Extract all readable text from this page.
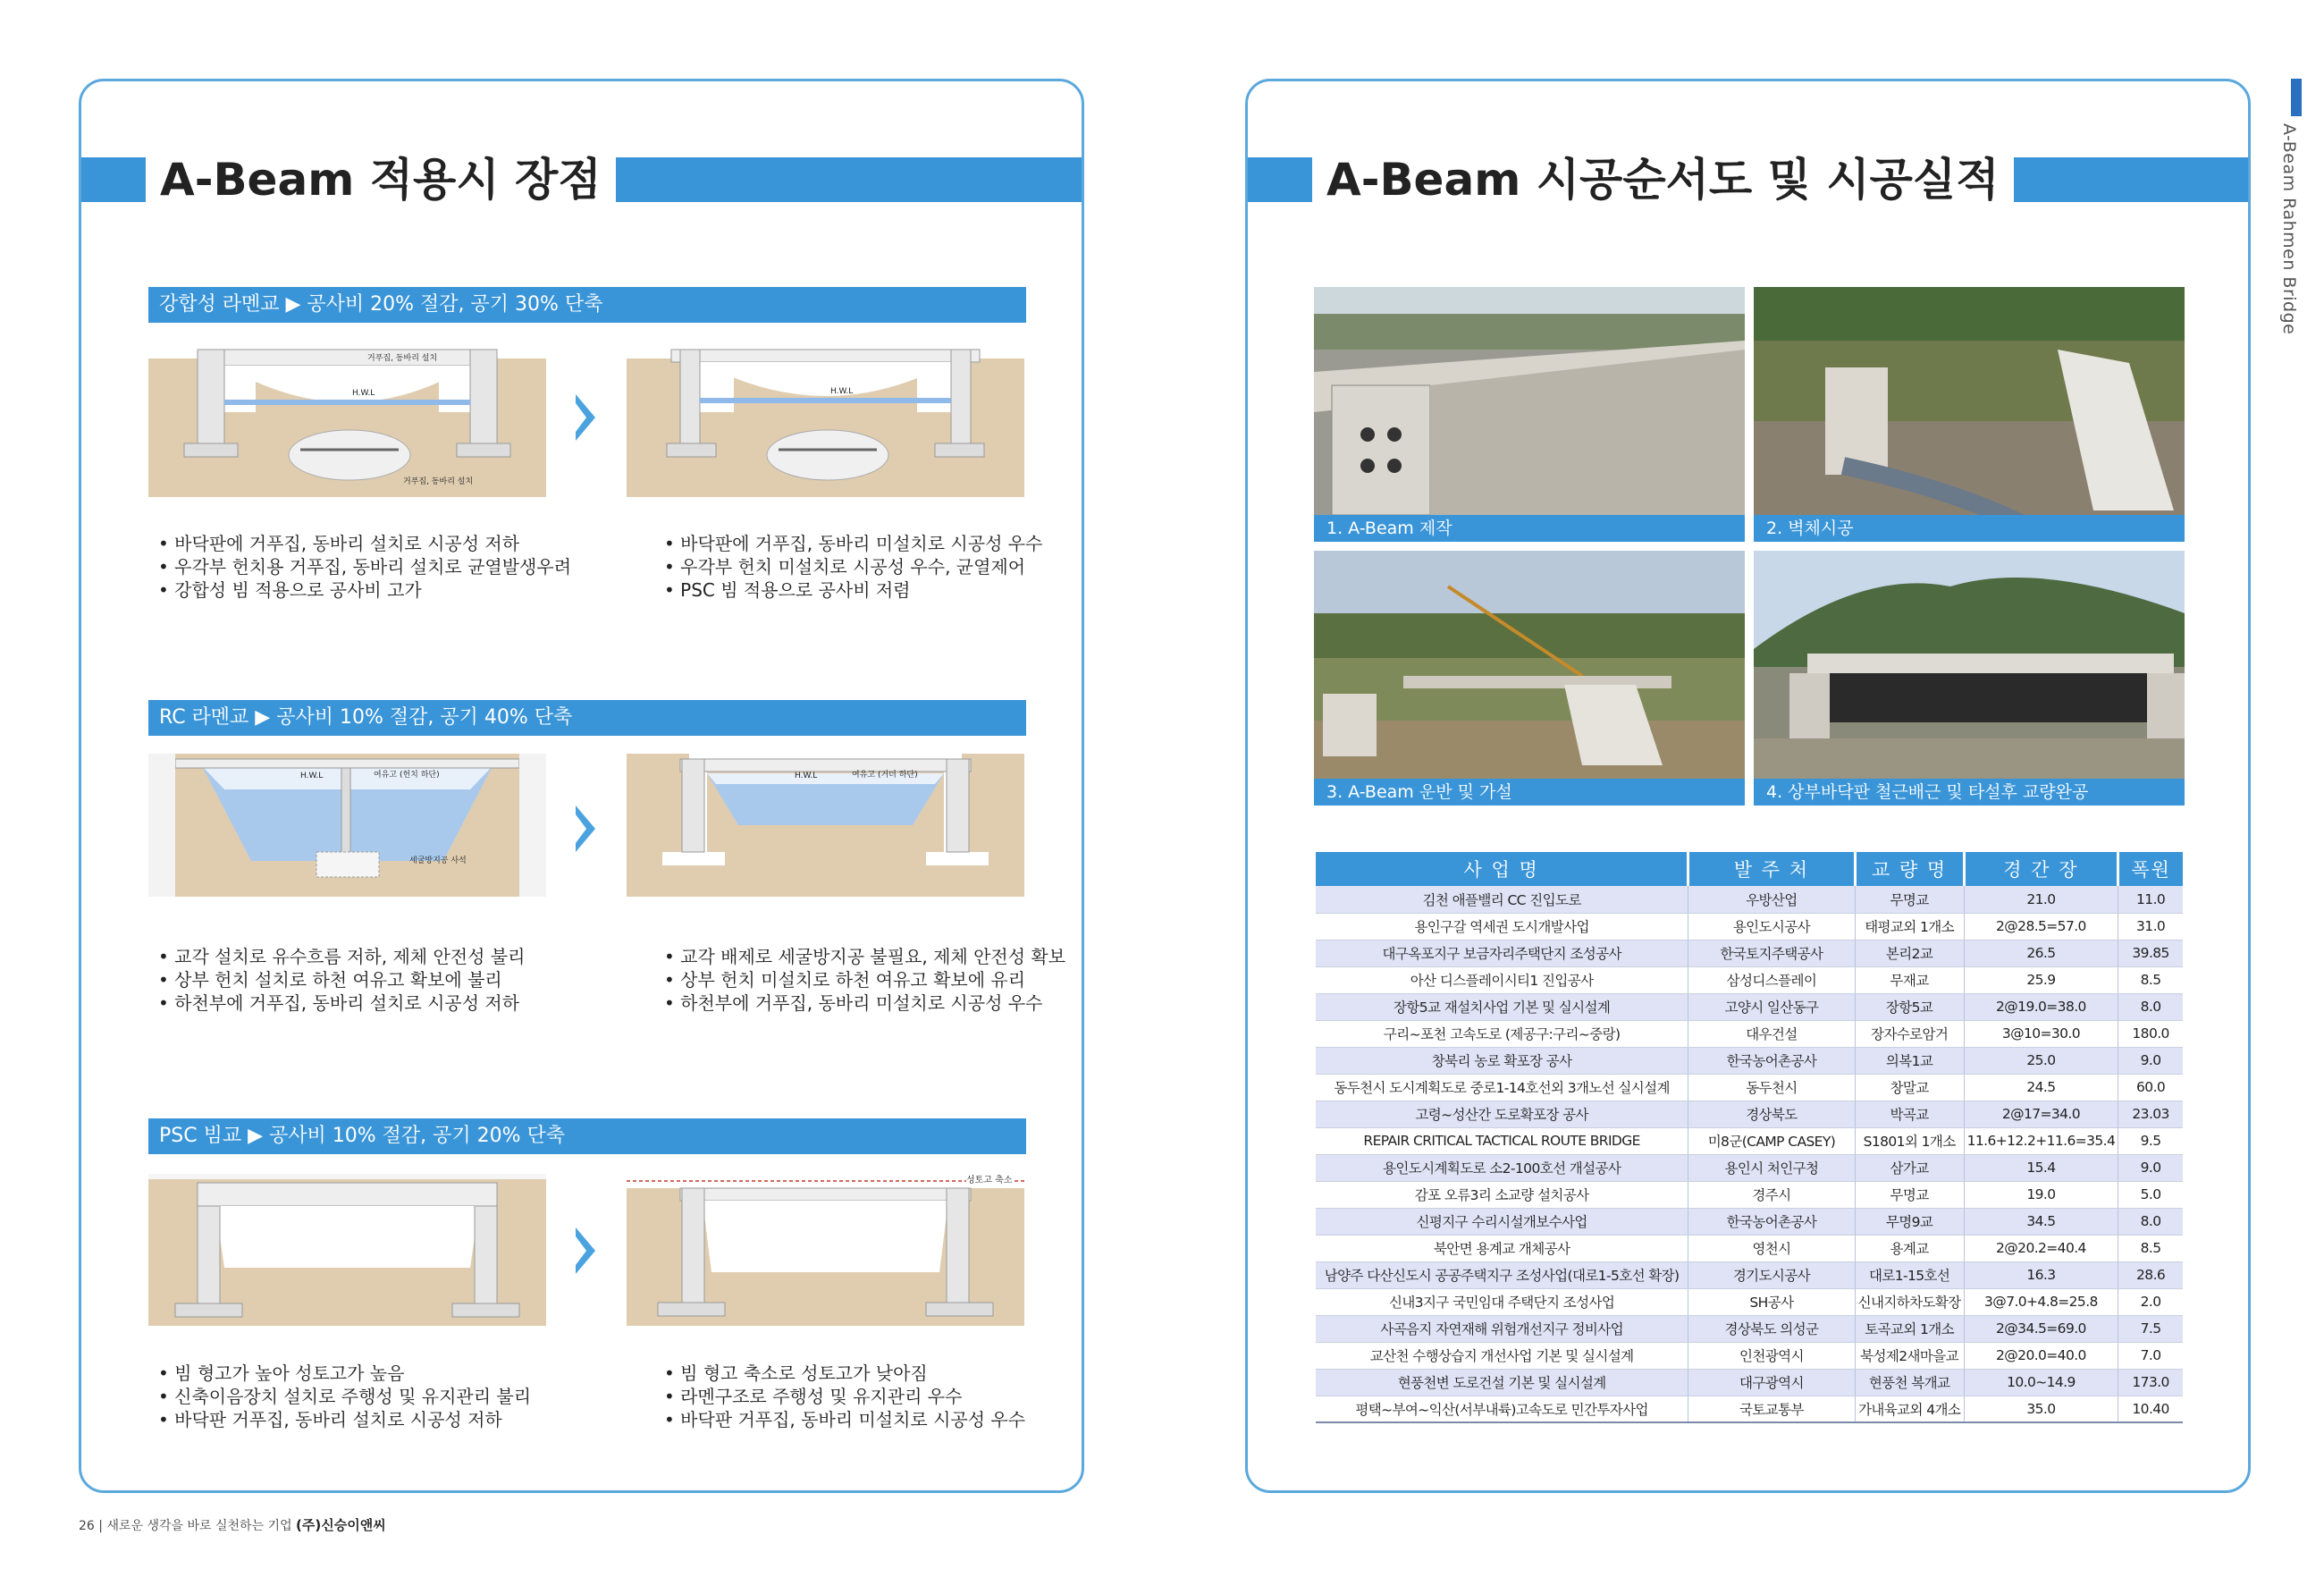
A-Beam 적용시 장점
강합성 라멘교 ▶ 공사비 20% 절감, 공기 30% 단축
거푸집, 동바리 설치
H.W.L
거푸집, 동바리 설치
H.W.L
• 바닥판에 거푸집, 동바리 설치로 시공성 저하
• 우각부 헌치용 거푸집, 동바리 설치로 균열발생우려
• 강합성 빔 적용으로 공사비 고가
• 바닥판에 거푸집, 동바리 미설치로 시공성 우수
• 우각부 헌치 미설치로 시공성 우수, 균열제어
• PSC 빔 적용으로 공사비 저렴
RC 라멘교 ▶ 공사비 10% 절감, 공기 40% 단축
H.W.L	여유고 (헌치 하단)
세굴방지공 사석
H.W.L	여유고 (거더 하단)
• 교각 설치로 유수흐름 저하, 제체 안전성 불리
• 상부 헌치 설치로 하천 여유고 확보에 불리
• 하천부에 거푸집, 동바리 설치로 시공성 저하
• 교각 배제로 세굴방지공 불필요, 제체 안전성 확보
• 상부 헌치 미설치로 하천 여유고 확보에 유리
• 하천부에 거푸집, 동바리 미설치로 시공성 우수
PSC 빔교 ▶ 공사비 10% 절감, 공기 20% 단축
성토고 축소
• 빔 형고가 높아 성토고가 높음
• 신축이음장치 설치로 주행성 및 유지관리 불리
• 바닥판 거푸집, 동바리 설치로 시공성 저하
• 빔 형고 축소로 성토고가 낮아짐
• 라멘구조로 주행성 및 유지관리 우수
• 바닥판 거푸집, 동바리 미설치로 시공성 우수
A-Beam 시공순서도 및 시공실적
1. A-Beam 제작	2. 벽체시공
3. A-Beam 운반 및 가설	4. 상부바닥판 철근배근 및 타설후 교량완공
사 업 명	발 주 처	교 량 명	경 간 장	폭원
김천 애플밸리 CC 진입도로	우방산업	무명교	21.0	11.0
용인구갈 역세권 도시개발사업	용인도시공사	태평교외 1개소	2@28.5=57.0	31.0
대구옥포지구 보금자리주택단지 조성공사	한국토지주택공사	본리2교	26.5	39.85
아산 디스플레이시티1 진입공사	삼성디스플레이	무재교	25.9	8.5
장항5교 재설치사업 기본 및 실시설계	고양시 일산동구	장항5교	2@19.0=38.0	8.0
구리~포천 고속도로 (제공구:구리~중랑)	대우건설	장자수로암거	3@10=30.0	180.0
창북리 농로 확포장 공사	한국농어촌공사	의복1교	25.0	9.0
동두천시 도시계획도로 중로1-14호선외 3개노선 실시설계	동두천시	창말교	24.5	60.0
고령~성산간 도로확포장 공사	경상북도	박곡교	2@17=34.0	23.03
REPAIR CRITICAL TACTICAL ROUTE BRIDGE	미8군(CAMP CASEY)	S1801외 1개소	11.6+12.2+11.6=35.4	9.5
용인도시계획도로 소2-100호선 개설공사	용인시 처인구청	삼가교	15.4	9.0
감포 오류3리 소교량 설치공사	경주시	무명교	19.0	5.0
신평지구 수리시설개보수사업	한국농어촌공사	무명9교	34.5	8.0
북안면 용계교 개체공사	영천시	용계교	2@20.2=40.4	8.5
남양주 다산신도시 공공주택지구 조성사업(대로1-5호선 확장)	경기도시공사	대로1-15호선	16.3	28.6
신내3지구 국민임대 주택단지 조성사업	SH공사	신내지하차도확장	3@7.0+4.8=25.8	2.0
사곡음지 자연재해 위험개선지구 정비사업	경상북도 의성군	토곡교외 1개소	2@34.5=69.0	7.5
교산천 수행상습지 개선사업 기본 및 실시설계	인천광역시	북성제2새마을교	2@20.0=40.0	7.0
현풍천변 도로건설 기본 및 실시설계	대구광역시	현풍천 복개교	10.0~14.9	173.0
평택~부여~익산(서부내륙)고속도로 민간투자사업	국토교통부	가내육교외 4개소	35.0	10.40
A-Beam Rahmen Bridge
26 | 새로운 생각을 바로 실천하는 기업 (주)신승이앤씨
